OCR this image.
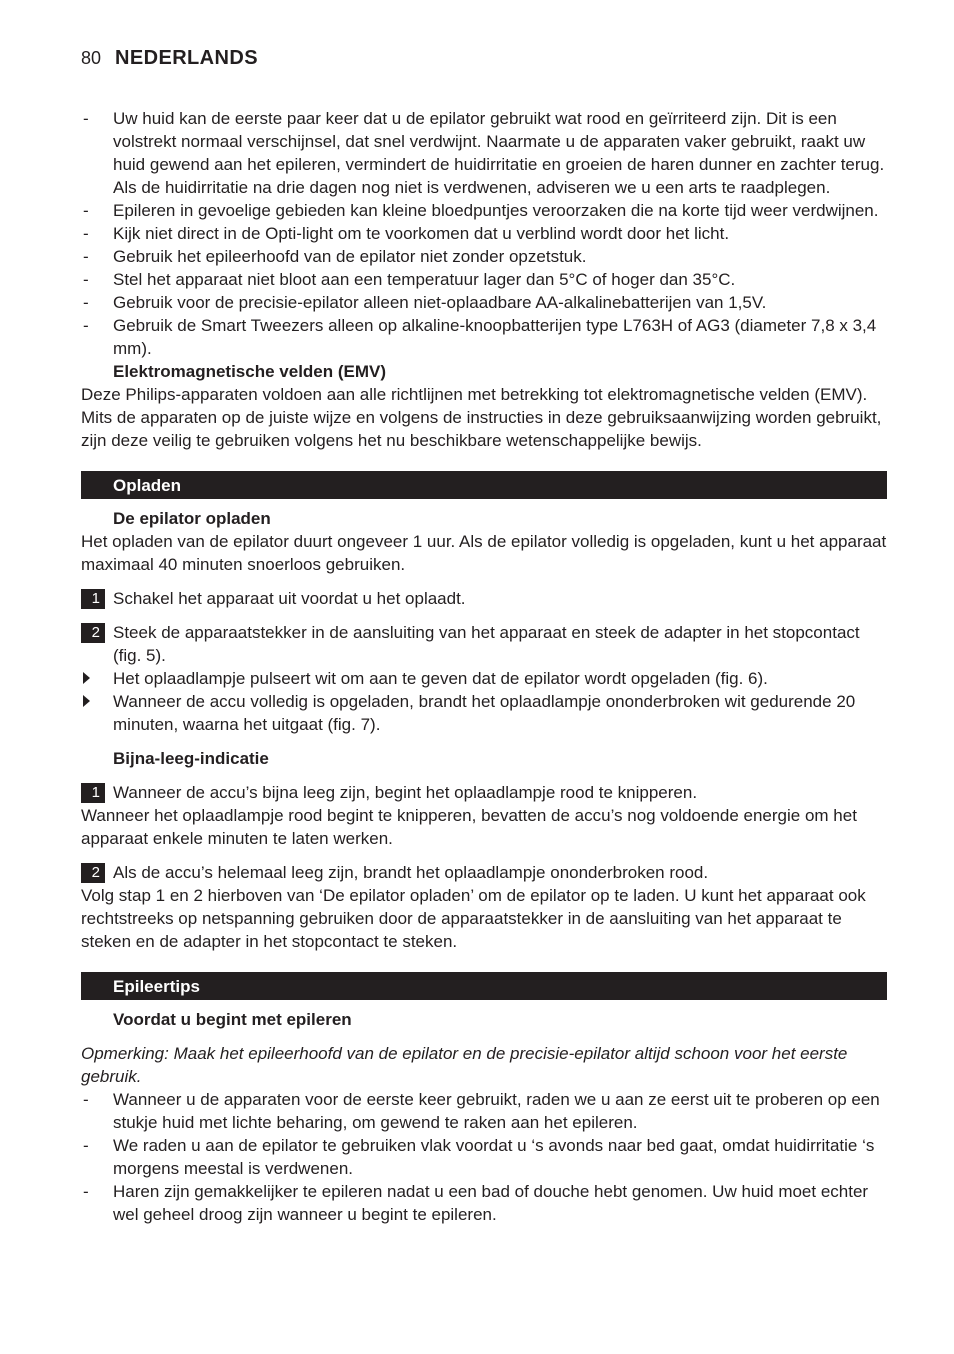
80 NEDERLANDS
- Uw huid kan de eerste paar keer dat u de epilator gebruikt wat rood en geïrriteerd zijn. Dit is een volstrekt normaal verschijnsel, dat snel verdwijnt. Naarmate u de apparaten vaker gebruikt, raakt uw huid gewend aan het epileren, vermindert de huidirritatie en groeien de haren dunner en zachter terug. Als de huidirritatie na drie dagen nog niet is verdwenen, adviseren we u een arts te raadplegen.
- Epileren in gevoelige gebieden kan kleine bloedpuntjes veroorzaken die na korte tijd weer verdwijnen.
- Kijk niet direct in de Opti-light om te voorkomen dat u verblind wordt door het licht.
- Gebruik het epileerhoofd van de epilator niet zonder opzetstuk.
- Stel het apparaat niet bloot aan een temperatuur lager dan 5°C of hoger dan 35°C.
- Gebruik voor de precisie-epilator alleen niet-oplaadbare AA-alkalinebatterijen van 1,5V.
- Gebruik de Smart Tweezers alleen op alkaline-knoopbatterijen type L763H of AG3 (diameter 7,8 x 3,4 mm).
Elektromagnetische velden (EMV)
Deze Philips-apparaten voldoen aan alle richtlijnen met betrekking tot elektromagnetische velden (EMV). Mits de apparaten op de juiste wijze en volgens de instructies in deze gebruiksaanwijzing worden gebruikt, zijn deze veilig te gebruiken volgens het nu beschikbare wetenschappelijke bewijs.
Opladen
De epilator opladen
Het opladen van de epilator duurt ongeveer 1 uur. Als de epilator volledig is opgeladen, kunt u het apparaat maximaal 40 minuten snoerloos gebruiken.
1 Schakel het apparaat uit voordat u het oplaadt.
2 Steek de apparaatstekker in de aansluiting van het apparaat en steek de adapter in het stopcontact (fig. 5).
Het oplaadlampje pulseert wit om aan te geven dat de epilator wordt opgeladen (fig. 6).
Wanneer de accu volledig is opgeladen, brandt het oplaadlampje ononderbroken wit gedurende 20 minuten, waarna het uitgaat (fig. 7).
Bijna-leeg-indicatie
1 Wanneer de accu’s bijna leeg zijn, begint het oplaadlampje rood te knipperen.
Wanneer het oplaadlampje rood begint te knipperen, bevatten de accu’s nog voldoende energie om het apparaat enkele minuten te laten werken.
2 Als de accu’s helemaal leeg zijn, brandt het oplaadlampje ononderbroken rood.
Volg stap 1 en 2 hierboven van ‘De epilator opladen’ om de epilator op te laden. U kunt het apparaat ook rechtstreeks op netspanning gebruiken door de apparaatstekker in de aansluiting van het apparaat te steken en de adapter in het stopcontact te steken.
Epileertips
Voordat u begint met epileren
Opmerking: Maak het epileerhoofd van de epilator en de precisie-epilator altijd schoon voor het eerste gebruik.
- Wanneer u de apparaten voor de eerste keer gebruikt, raden we u aan ze eerst uit te proberen op een stukje huid met lichte beharing, om gewend te raken aan het epileren.
- We raden u aan de epilator te gebruiken vlak voordat u ‘s avonds naar bed gaat, omdat huidirritatie ‘s morgens meestal is verdwenen.
- Haren zijn gemakkelijker te epileren nadat u een bad of douche hebt genomen. Uw huid moet echter wel geheel droog zijn wanneer u begint te epileren.
